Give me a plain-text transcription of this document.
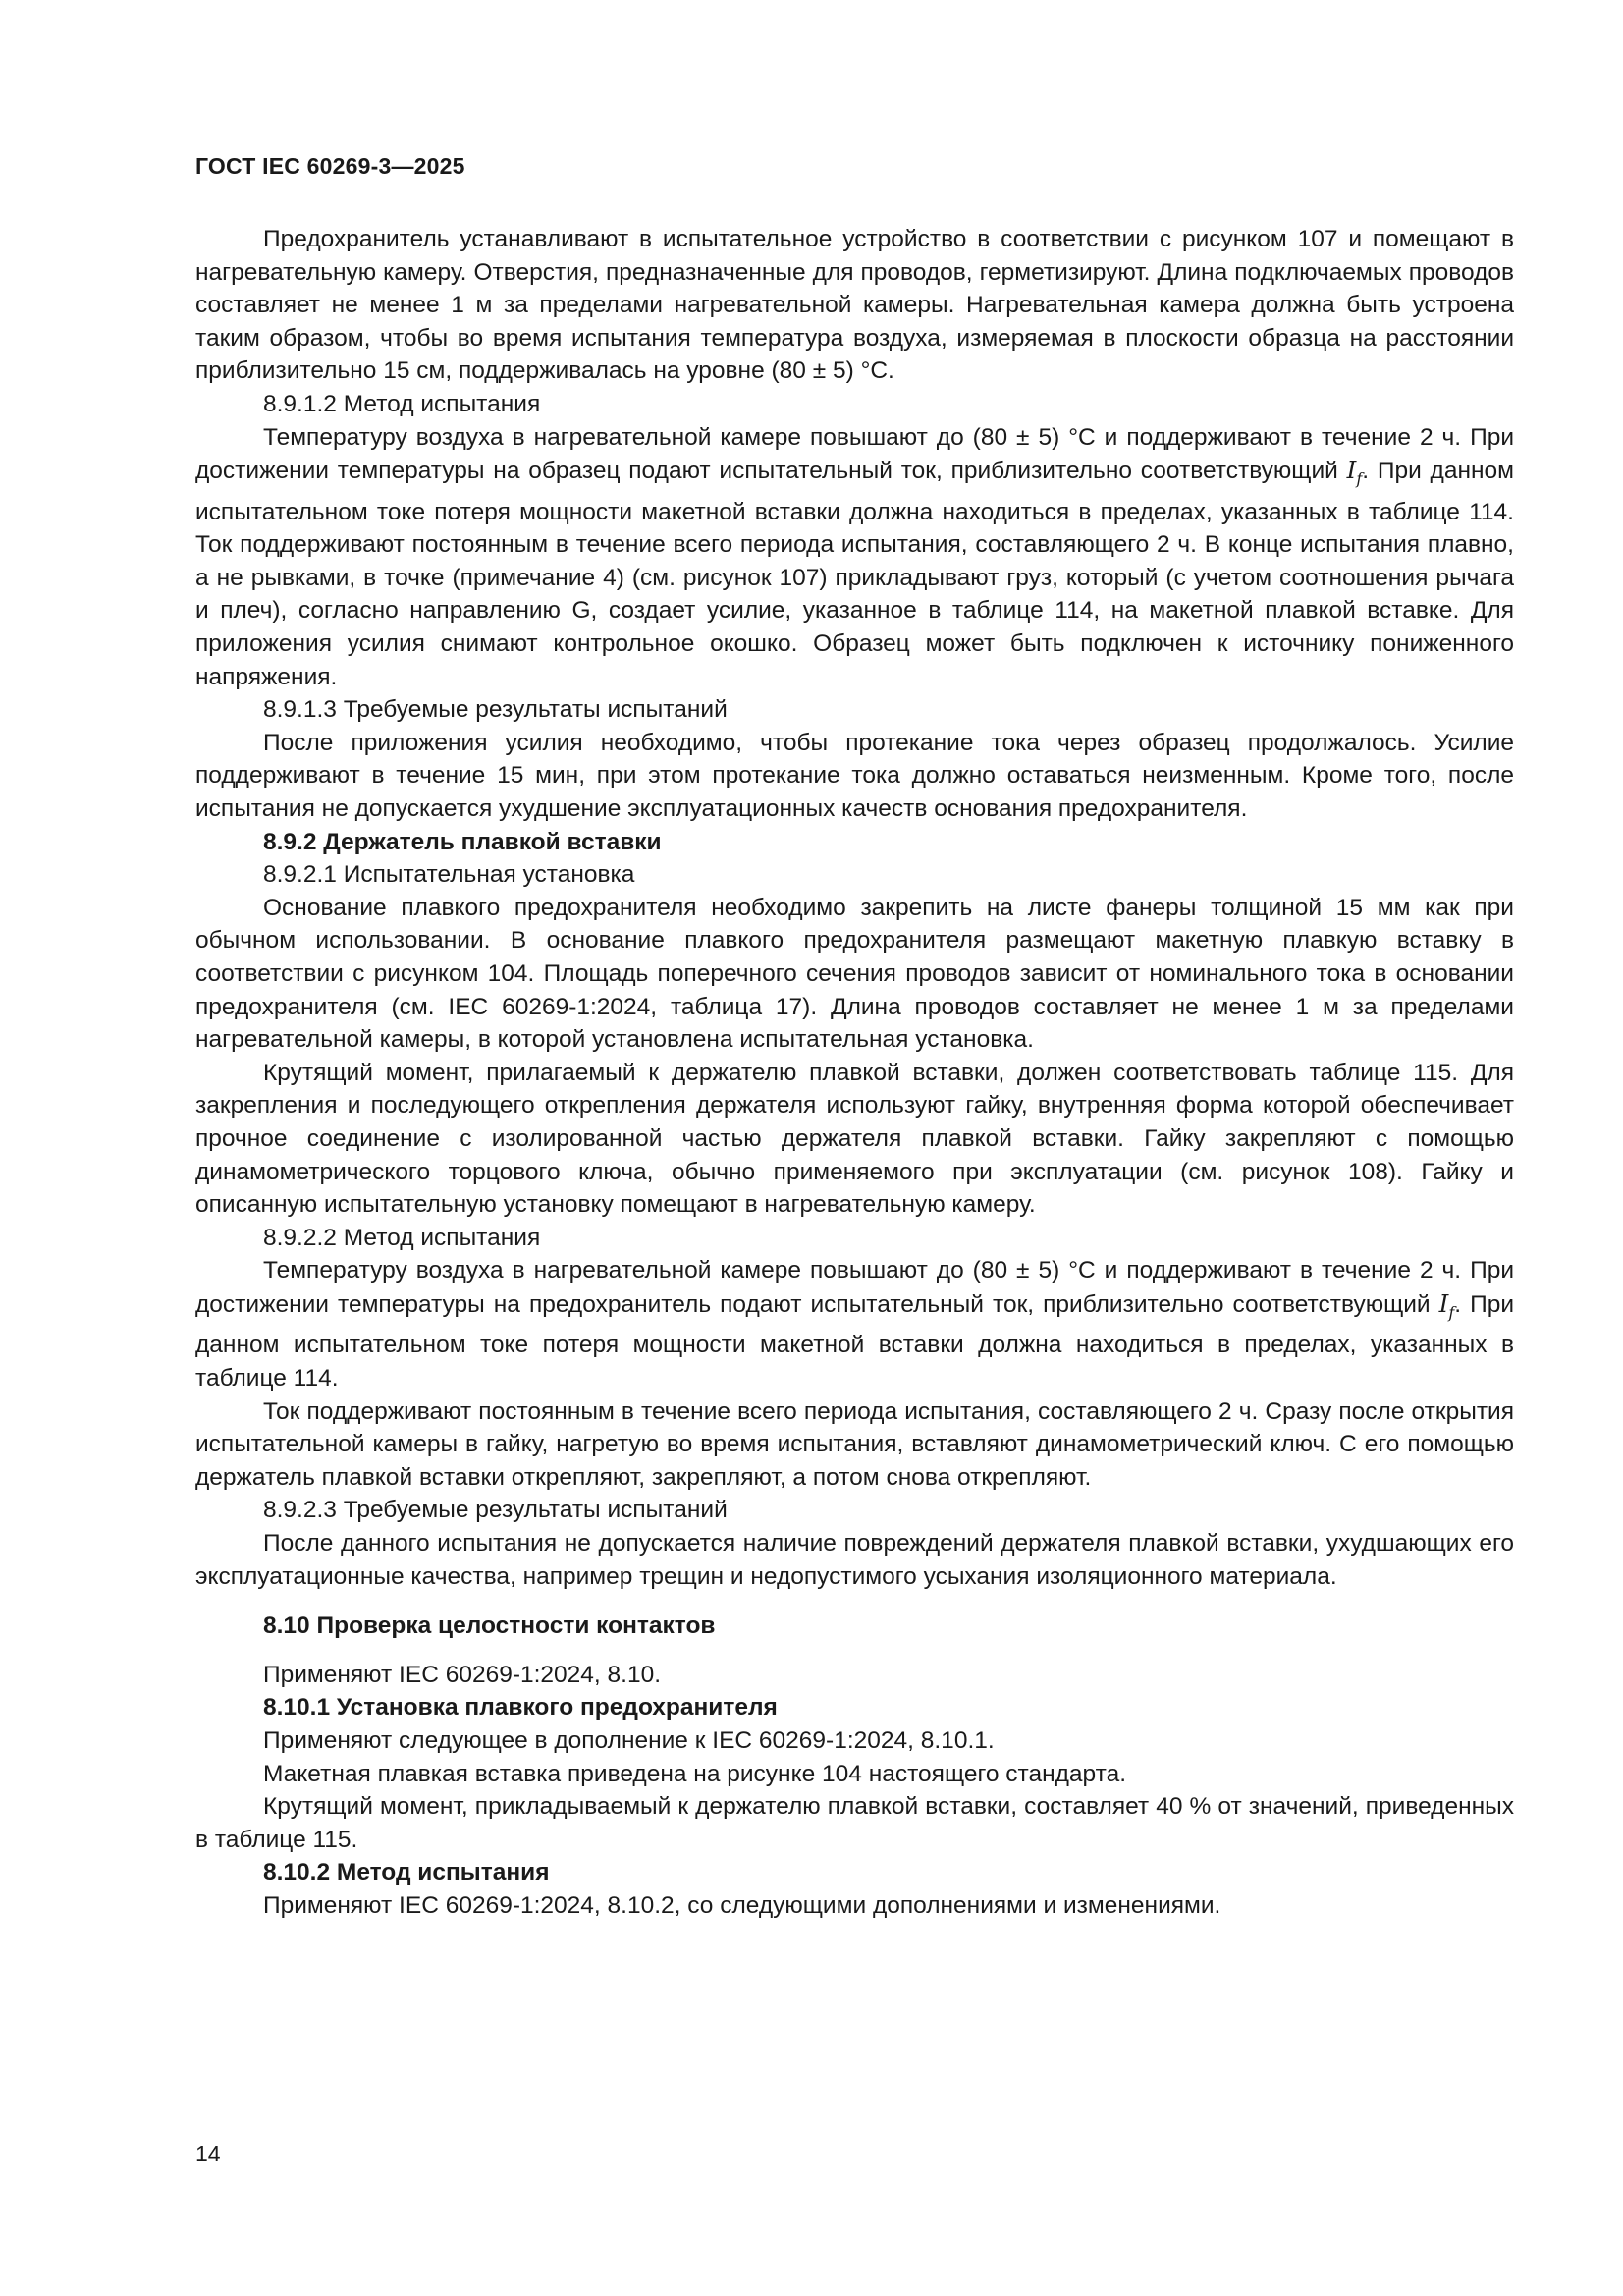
ГОСТ IEC 60269-3—2025

Предохранитель устанавливают в испытательное устройство в соответствии с рисунком 107 и помещают в нагревательную камеру. Отверстия, предназначенные для проводов, герметизируют. Длина подключаемых проводов составляет не менее 1 м за пределами нагревательной камеры. Нагревательная камера должна быть устроена таким образом, чтобы во время испытания температура воздуха, измеряемая в плоскости образца на расстоянии приблизительно 15 см, поддерживалась на уровне (80 ± 5) °C.

8.9.1.2 Метод испытания

Температуру воздуха в нагревательной камере повышают до (80 ± 5) °C и поддерживают в течение 2 ч. При достижении температуры на образец подают испытательный ток, приблизительно соответствующий $I_f$. При данном испытательном токе потеря мощности макетной вставки должна находиться в пределах, указанных в таблице 114. Ток поддерживают постоянным в течение всего периода испытания, составляющего 2 ч. В конце испытания плавно, а не рывками, в точке (примечание 4) (см. рисунок 107) прикладывают груз, который (с учетом соотношения рычага и плеч), согласно направлению G, создает усилие, указанное в таблице 114, на макетной плавкой вставке. Для приложения усилия снимают контрольное окошко. Образец может быть подключен к источнику пониженного напряжения.

8.9.1.3 Требуемые результаты испытаний

После приложения усилия необходимо, чтобы протекание тока через образец продолжалось. Усилие поддерживают в течение 15 мин, при этом протекание тока должно оставаться неизменным. Кроме того, после испытания не допускается ухудшение эксплуатационных качеств основания предохранителя.

8.9.2 Держатель плавкой вставки

8.9.2.1 Испытательная установка

Основание плавкого предохранителя необходимо закрепить на листе фанеры толщиной 15 мм как при обычном использовании. В основание плавкого предохранителя размещают макетную плавкую вставку в соответствии с рисунком 104. Площадь поперечного сечения проводов зависит от номинального тока в основании предохранителя (см. IEC 60269-1:2024, таблица 17). Длина проводов составляет не менее 1 м за пределами нагревательной камеры, в которой установлена испытательная установка.

Крутящий момент, прилагаемый к держателю плавкой вставки, должен соответствовать таблице 115. Для закрепления и последующего открепления держателя используют гайку, внутренняя форма которой обеспечивает прочное соединение с изолированной частью держателя плавкой вставки. Гайку закрепляют с помощью динамометрического торцового ключа, обычно применяемого при эксплуатации (см. рисунок 108). Гайку и описанную испытательную установку помещают в нагревательную камеру.

8.9.2.2 Метод испытания

Температуру воздуха в нагревательной камере повышают до (80 ± 5) °C и поддерживают в течение 2 ч. При достижении температуры на предохранитель подают испытательный ток, приблизительно соответствующий $I_f$. При данном испытательном токе потеря мощности макетной вставки должна находиться в пределах, указанных в таблице 114.

Ток поддерживают постоянным в течение всего периода испытания, составляющего 2 ч. Сразу после открытия испытательной камеры в гайку, нагретую во время испытания, вставляют динамометрический ключ. С его помощью держатель плавкой вставки открепляют, закрепляют, а потом снова открепляют.

8.9.2.3 Требуемые результаты испытаний

После данного испытания не допускается наличие повреждений держателя плавкой вставки, ухудшающих его эксплуатационные качества, например трещин и недопустимого усыхания изоляционного материала.

8.10 Проверка целостности контактов

Применяют IEC 60269-1:2024, 8.10.

8.10.1 Установка плавкого предохранителя

Применяют следующее в дополнение к IEC 60269-1:2024, 8.10.1.

Макетная плавкая вставка приведена на рисунке 104 настоящего стандарта.

Крутящий момент, прикладываемый к держателю плавкой вставки, составляет 40 % от значений, приведенных в таблице 115.

8.10.2 Метод испытания

Применяют IEC 60269-1:2024, 8.10.2, со следующими дополнениями и изменениями.

14
